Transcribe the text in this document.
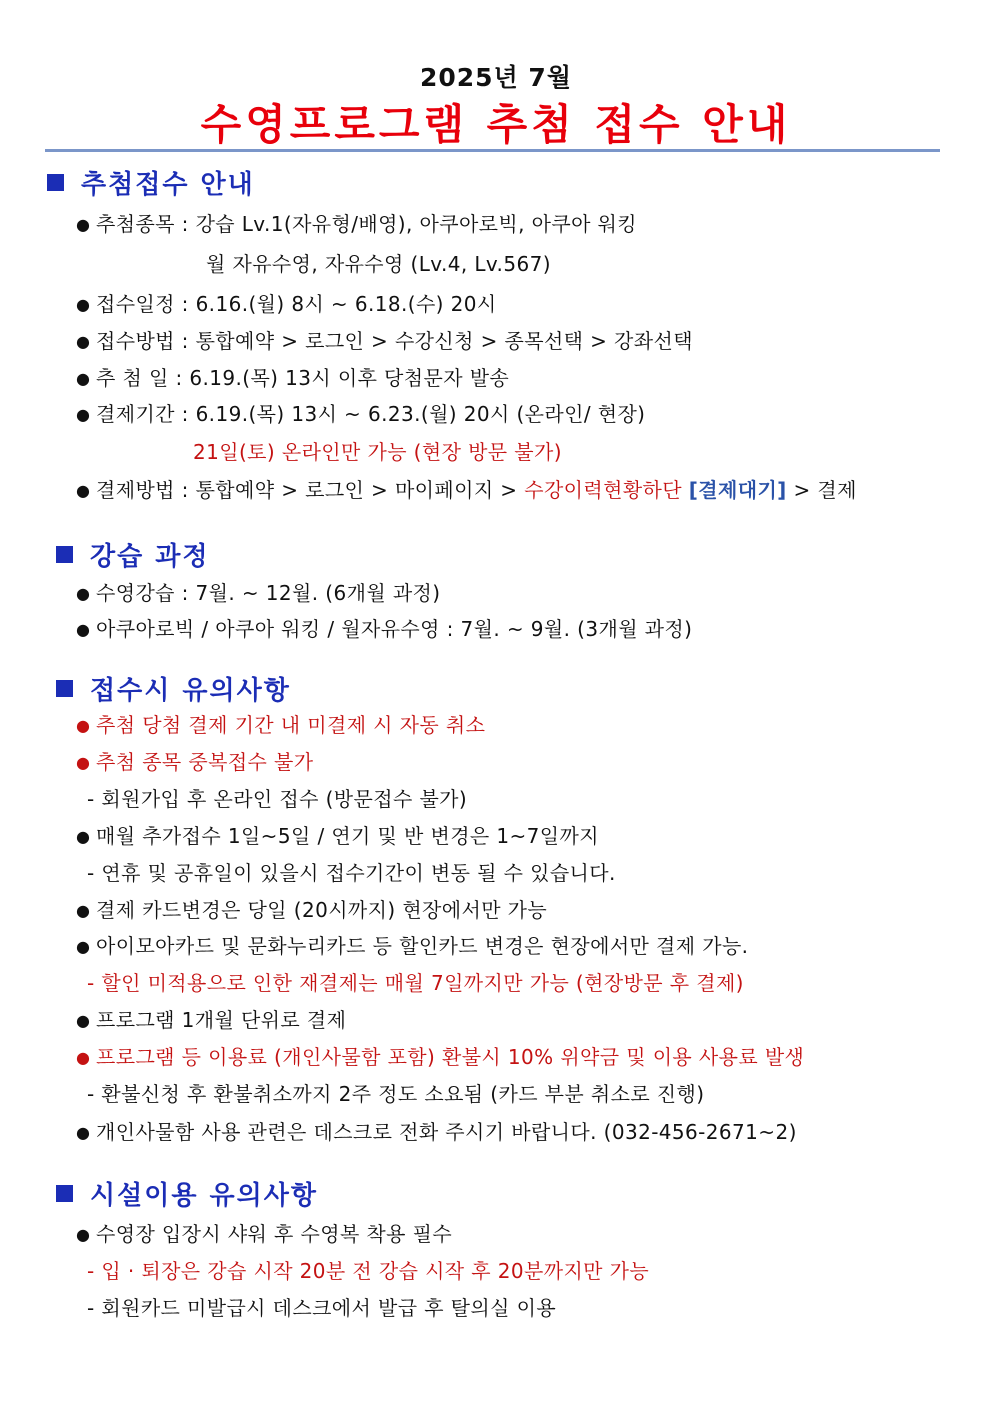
2025년 7월
수영프로그램 추첨 접수 안내
추첨접수 안내
● 추첨종목 : 강습 Lv.1(자유형/배영), 아쿠아로빅, 아쿠아 워킹
월 자유수영, 자유수영 (Lv.4, Lv.567)
● 접수일정 : 6.16.(월) 8시 ~ 6.18.(수) 20시
● 접수방법 : 통합예약 > 로그인 > 수강신청 > 종목선택 > 강좌선택
● 추 첨 일 : 6.19.(목) 13시 이후 당첨문자 발송
● 결제기간 : 6.19.(목) 13시 ~ 6.23.(월) 20시 (온라인/ 현장)
21일(토) 온라인만 가능 (현장 방문 불가)
● 결제방법 : 통합예약 > 로그인 > 마이페이지 > 수강이력현황하단 [결제대기] > 결제
강습 과정
● 수영강습 : 7월. ~ 12월. (6개월 과정)
● 아쿠아로빅 / 아쿠아 워킹 / 월자유수영 : 7월. ~ 9월. (3개월 과정)
접수시 유의사항
● 추첨 당첨 결제 기간 내 미결제 시 자동 취소
● 추첨 종목 중복접수 불가
- 회원가입 후 온라인 접수 (방문접수 불가)
● 매월 추가접수 1일~5일 / 연기 및 반 변경은 1~7일까지
- 연휴 및 공휴일이 있을시 접수기간이 변동 될 수 있습니다.
● 결제 카드변경은 당일 (20시까지) 현장에서만 가능
● 아이모아카드 및 문화누리카드 등 할인카드 변경은 현장에서만 결제 가능.
- 할인 미적용으로 인한 재결제는 매월 7일까지만 가능 (현장방문 후 결제)
● 프로그램 1개월 단위로 결제
● 프로그램 등 이용료 (개인사물함 포함) 환불시 10% 위약금 및 이용 사용료 발생
- 환불신청 후 환불취소까지 2주 정도 소요됨 (카드 부분 취소로 진행)
● 개인사물함 사용 관련은 데스크로 전화 주시기 바랍니다. (032-456-2671~2)
시설이용 유의사항
● 수영장 입장시 샤워 후 수영복 착용 필수
- 입 · 퇴장은 강습 시작 20분 전 강습 시작 후 20분까지만 가능
- 회원카드 미발급시 데스크에서 발급 후 탈의실 이용
